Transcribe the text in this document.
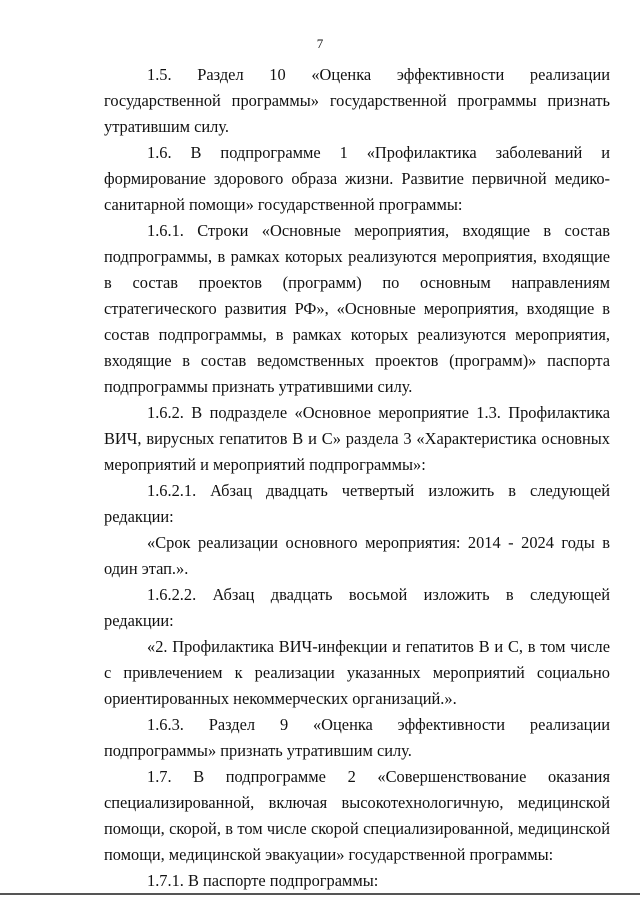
7

1.5. Раздел 10 «Оценка эффективности реализации государственной программы» государственной программы признать утратившим силу.

1.6. В подпрограмме 1 «Профилактика заболеваний и формирование здорового образа жизни. Развитие первичной медико-санитарной помощи» государственной программы:

1.6.1. Строки «Основные мероприятия, входящие в состав подпрограммы, в рамках которых реализуются мероприятия, входящие в состав проектов (программ) по основным направлениям стратегического развития РФ», «Основные мероприятия, входящие в состав подпрограммы, в рамках которых реализуются мероприятия, входящие в состав ведомственных проектов (программ)» паспорта подпрограммы признать утратившими силу.

1.6.2. В подразделе «Основное мероприятие 1.3. Профилактика ВИЧ, вирусных гепатитов В и С» раздела 3 «Характеристика основных мероприятий и мероприятий подпрограммы»:

1.6.2.1. Абзац двадцать четвертый изложить в следующей редакции:

«Срок реализации основного мероприятия: 2014 - 2024 годы в один этап.».

1.6.2.2. Абзац двадцать восьмой изложить в следующей редакции:

«2. Профилактика ВИЧ-инфекции и гепатитов В и С, в том числе с привлечением к реализации указанных мероприятий социально ориентированных некоммерческих организаций.».

1.6.3. Раздел 9 «Оценка эффективности реализации подпрограммы» признать утратившим силу.

1.7. В подпрограмме 2 «Совершенствование оказания специализированной, включая высокотехнологичную, медицинской помощи, скорой, в том числе скорой специализированной, медицинской помощи, медицинской эвакуации» государственной программы:

1.7.1. В паспорте подпрограммы:
